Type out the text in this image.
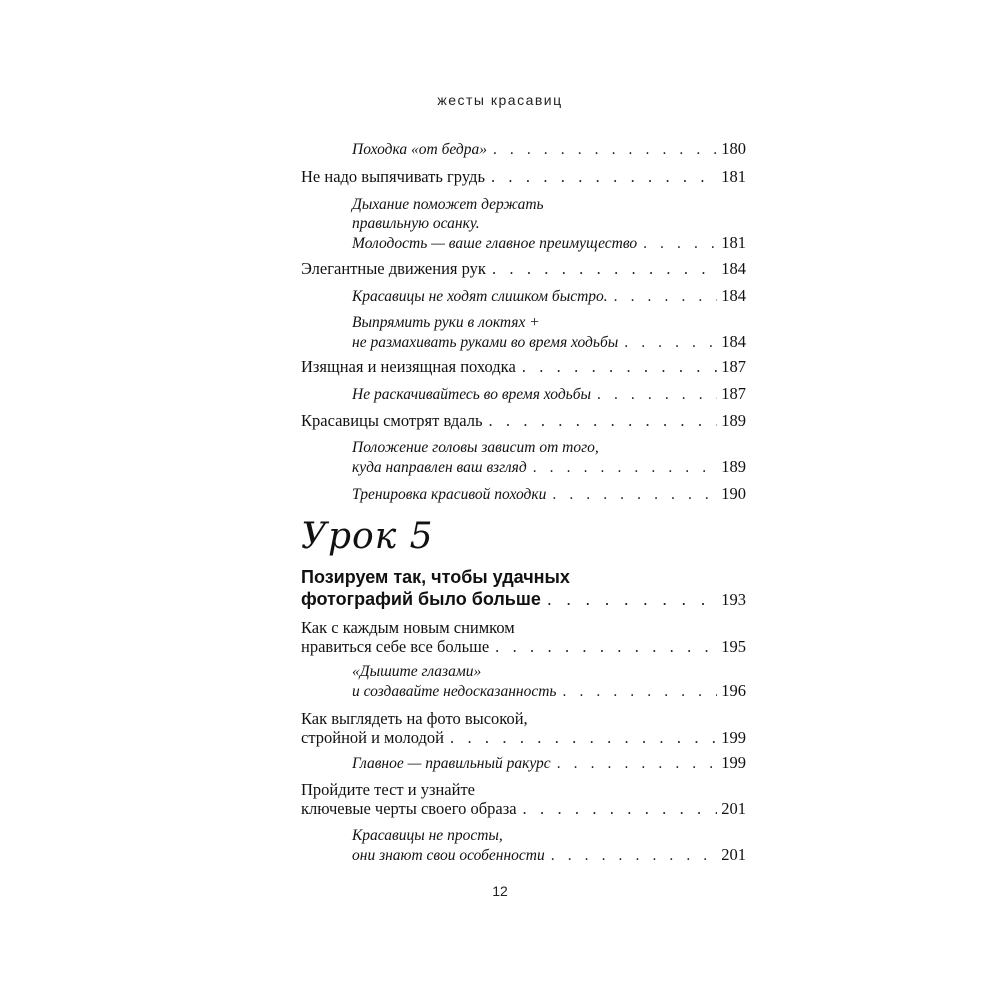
жесты красавиц
Походка «от бедра» . . .	180
Не надо выпячивать грудь . . .	181
Дыхание поможет держать
правильную осанку.
Молодость — ваше главное преимущество . . .	181
Элегантные движения рук . . .	184
Красавицы не ходят слишком быстро. . . .	184
Выпрямить руки в локтях +
не размахивать руками во время ходьбы . . .	184
Изящная и неизящная походка . . .	187
Не раскачивайтесь во время ходьбы . . .	187
Красавицы смотрят вдаль . . .	189
Положение головы зависит от того,
куда направлен ваш взгляд . . .	189
Тренировка красивой походки . . .	190
Позируем так, чтобы удачных
фотографий было больше . . .	193
Как с каждым новым снимком
нравиться себе все больше . . .	195
«Дышите глазами»
и создавайте недосказанность . . .	196
Как выглядеть на фото высокой,
стройной и молодой . . .	199
Главное — правильный ракурс . . .	199
Пройдите тест и узнайте
ключевые черты своего образа . . .	201
Красавицы не просты,
они знают свои особенности . . .	201
Урок 5
12
